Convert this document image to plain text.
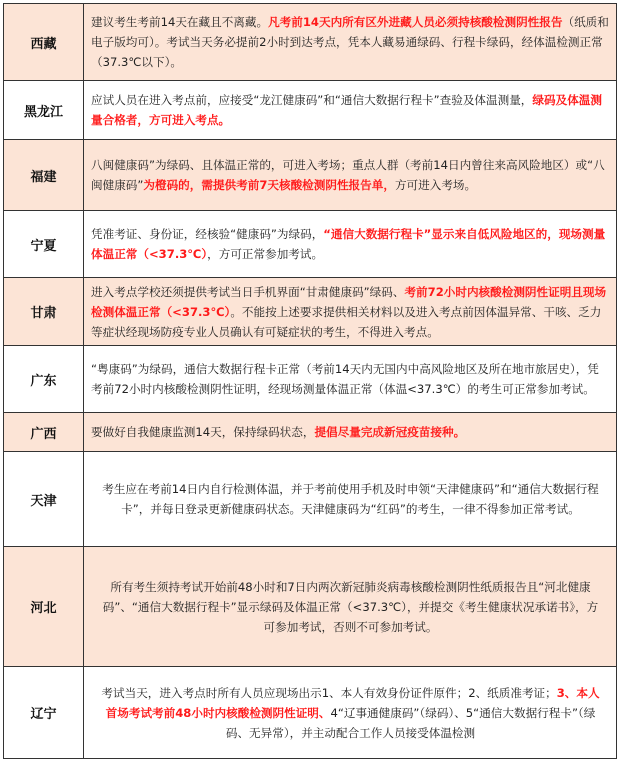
西藏	建议考生考前14天在藏且不离藏。凡考前14天内所有区外进藏人员必须持核酸检测阴性报告（纸质和电子版均可）。考试当天务必提前2小时到达考点，凭本人藏易通绿码、行程卡绿码，经体温检测正常（37.3℃以下）。

黑龙江	应试人员在进入考点前，应接受“龙江健康码”和“通信大数据行程卡”查验及体温测量，绿码及体温测量合格者，方可进入考点。

福建	八闽健康码”为绿码、且体温正常的，可进入考场；重点人群（考前14日内曾往来高风险地区）或“八闽健康码”为橙码的，需提供考前7天核酸检测阴性报告单，方可进入考场。

宁夏	凭准考证、身份证，经核验“健康码”为绿码，“通信大数据行程卡”显示来自低风险地区的，现场测量体温正常（<37.3℃），方可正常参加考试。

甘肃	进入考点学校还须提供考试当日手机界面“甘肃健康码”绿码、考前72小时内核酸检测阴性证明且现场检测体温正常（<37.3℃）。不能按上述要求提供相关材料以及进入考点前因体温异常、干咳、乏力等症状经现场防疫专业人员确认有可疑症状的考生，不得进入考点。

广东	“粤康码”为绿码，通信大数据行程卡正常（考前14天内无国内中高风险地区及所在地市旅居史），凭考前72小时内核酸检测阴性证明，经现场测量体温正常（体温<37.3℃）的考生可正常参加考试。

广西	要做好自我健康监测14天，保持绿码状态，提倡尽量完成新冠疫苗接种。

天津	考生应在考前14日内自行检测体温，并于考前使用手机及时申领“天津健康码”和“通信大数据行程卡”，并每日登录更新健康码状态。天津健康码为“红码”的考生，一律不得参加正常考试。

河北	所有考生须持考试开始前48小时和7日内两次新冠肺炎病毒核酸检测阴性纸质报告且“河北健康码”、“通信大数据行程卡”显示绿码及体温正常（<37.3℃），并提交《考生健康状况承诺书》，方可参加考试，否则不可参加考试。

辽宁	考试当天，进入考点时所有人员应现场出示1、本人有效身份证件原件；2、纸质准考证；3、本人首场考试考前48小时内核酸检测阴性证明、4“辽事通健康码”（绿码）、5“通信大数据行程卡”（绿码、无异常），并主动配合工作人员接受体温检测
